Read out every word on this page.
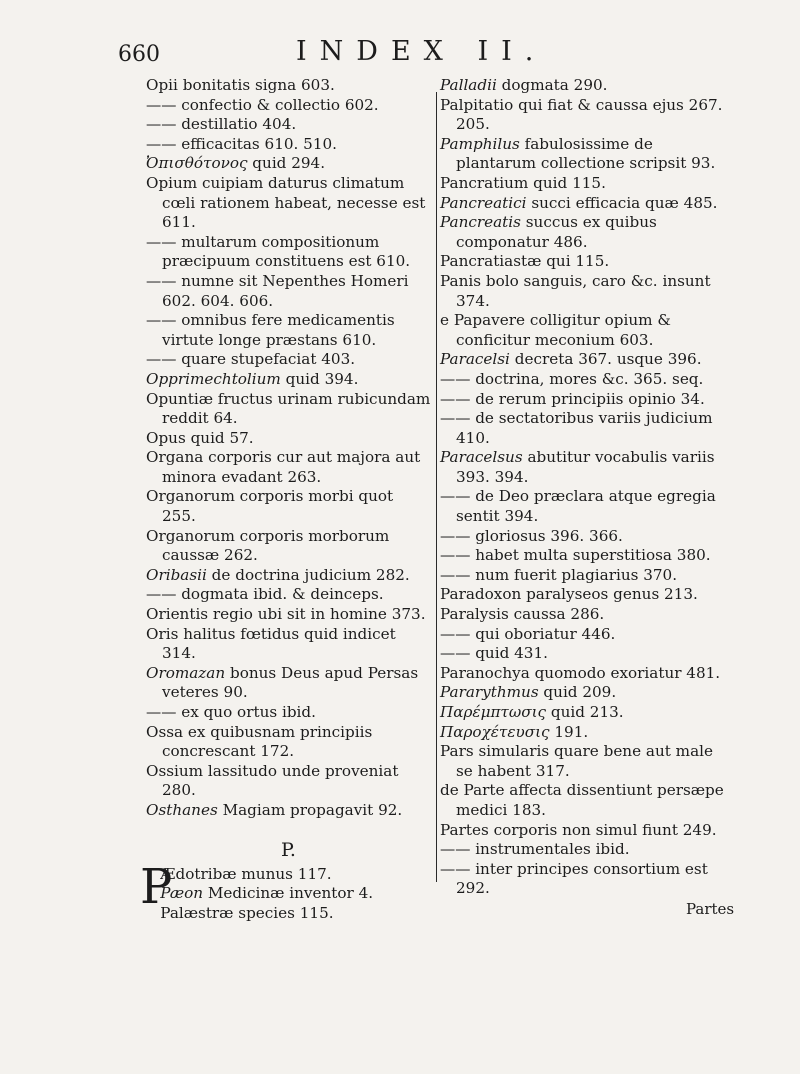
660	INDEX II.
Opii bonitatis signa 603.
—— confectio & collectio 602.
—— destillatio 404.
—— efficacitas 610. 510.
Ὀπισθότονος quid 294.
Opium cuipiam daturus climatum cœli rationem habeat, necesse est 611.
—— multarum compositionum præcipuum constituens est 610.
—— numne sit Nepenthes Homeri 602. 604. 606.
—— omnibus fere medicamentis virtute longe præstans 610.
—— quare stupefaciat 403.
Opprimechtolium quid 394.
Opuntiæ fructus urinam rubicundam reddit 64.
Opus quid 57.
Organa corporis cur aut majora aut minora evadant 263.
Organorum corporis morbi quot 255.
Organorum corporis morborum caussæ 262.
Oribasii de doctrina judicium 282.
—— dogmata ibid. & deinceps.
Orientis regio ubi sit in homine 373.
Oris halitus fœtidus quid indicet 314.
Oromazan bonus Deus apud Persas veteres 90.
—— ex quo ortus ibid.
Ossa ex quibusnam principiis concrescant 172.
Ossium lassitudo unde proveniat 280.
Osthanes Magiam propagavit 92.
P.
P
Ædotribæ munus 117.
Pæon Medicinæ inventor 4.
Palæstræ species 115.
Palladii dogmata 290.
Palpitatio qui fiat & caussa ejus 267. 205.
Pamphilus fabulosissime de plantarum collectione scripsit 93.
Pancratium quid 115.
Pancreatici succi efficacia quæ 485.
Pancreatis succus ex quibus componatur 486.
Pancratiastæ qui 115.
Panis bolo sanguis, caro &c. insunt 374.
e Papavere colligitur opium & conficitur meconium 603.
Paracelsi decreta 367. usque 396.
—— doctrina, mores &c. 365. seq.
—— de rerum principiis opinio 34.
—— de sectatoribus variis judicium 410.
Paracelsus abutitur vocabulis variis 393. 394.
—— de Deo præclara atque egregia sentit 394.
—— gloriosus 396. 366.
—— habet multa superstitiosa 380.
—— num fuerit plagiarius 370.
Paradoxon paralyseos genus 213.
Paralysis caussa 286.
—— qui oboriatur 446.
—— quid 431.
Paranochya quomodo exoriatur 481.
Pararythmus quid 209.
Παρέμπτωσις quid 213.
Παροχέτευσις 191.
Pars simularis quare bene aut male se habent 317.
de Parte affecta dissentiunt persæpe medici 183.
Partes corporis non simul fiunt 249.
—— instrumentales ibid.
—— inter principes consortium est 292.
Partes
